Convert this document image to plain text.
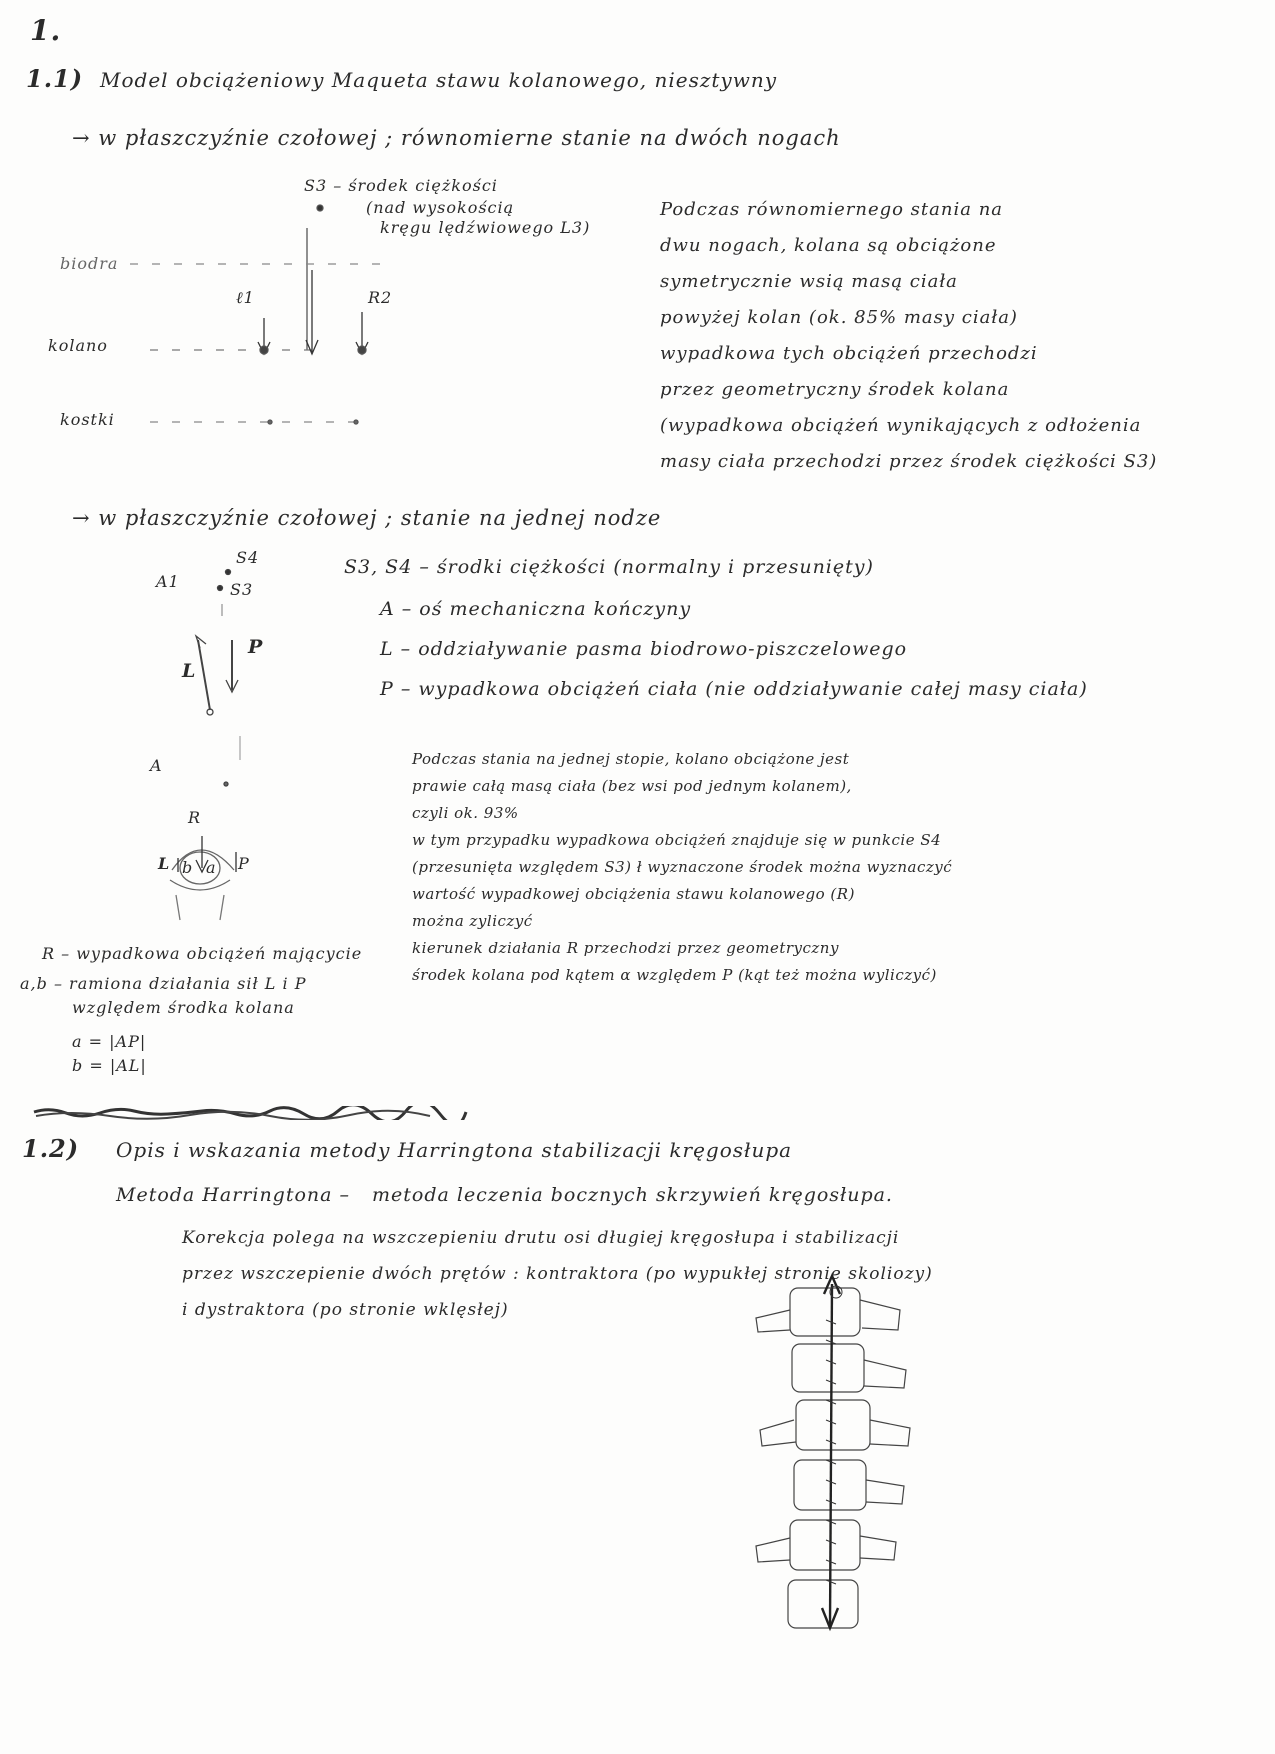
1.
1.1) Model obciążeniowy Maqueta stawu kolanowego, niesztywny
→ w płaszczyźnie czołowej ; równomierne stanie na dwóch nogach
S3 – środek ciężkości
(nad wysokością
kręgu lędźwiowego L3)
biodra
kolano
kostki
ℓ1	R2
Podczas równomiernego stania na
dwu nogach, kolana są obciążone
symetrycznie wsią masą ciała
powyżej kolan (ok. 85% masy ciała)
wypadkowa tych obciążeń przechodzi
przez geometryczny środek kolana
(wypadkowa obciążeń wynikających z odłożenia
masy ciała przechodzi przez środek ciężkości S3)
→ w płaszczyźnie czołowej ; stanie na jednej nodze
S3, S4 – środki ciężkości (normalny i przesunięty)
A – oś mechaniczna kończyny
L – oddziaływanie pasma biodrowo-piszczelowego
P – wypadkowa obciążeń ciała (nie oddziaływanie całej masy ciała)
S4
S3
A1
L
P
A
R
L	P
b a
R – wypadkowa obciążeń mającycie
a,b – ramiona działania sił L i P
względem środka kolana
a = |AP|
b = |AL|
Podczas stania na jednej stopie, kolano obciążone jest
prawie całą masą ciała (bez wsi pod jednym kolanem),
czyli ok. 93%
w tym przypadku wypadkowa obciążeń znajduje się w punkcie S4
(przesunięta względem S3) ł wyznaczone środek można wyznaczyć
wartość wypadkowej obciążenia stawu kolanowego (R)
można zyliczyć
kierunek działania R przechodzi przez geometryczny
środek kolana pod kątem α względem P (kąt też można wyliczyć)
1.2) Opis i wskazania metody Harringtona stabilizacji kręgosłupa
Metoda Harringtona – metoda leczenia bocznych skrzywień kręgosłupa.
Korekcja polega na wszczepieniu drutu osi długiej kręgosłupa i stabilizacji
przez wszczepienie dwóch prętów : kontraktora (po wypukłej stronie skoliozy)
i dystraktora (po stronie wklęsłej)
